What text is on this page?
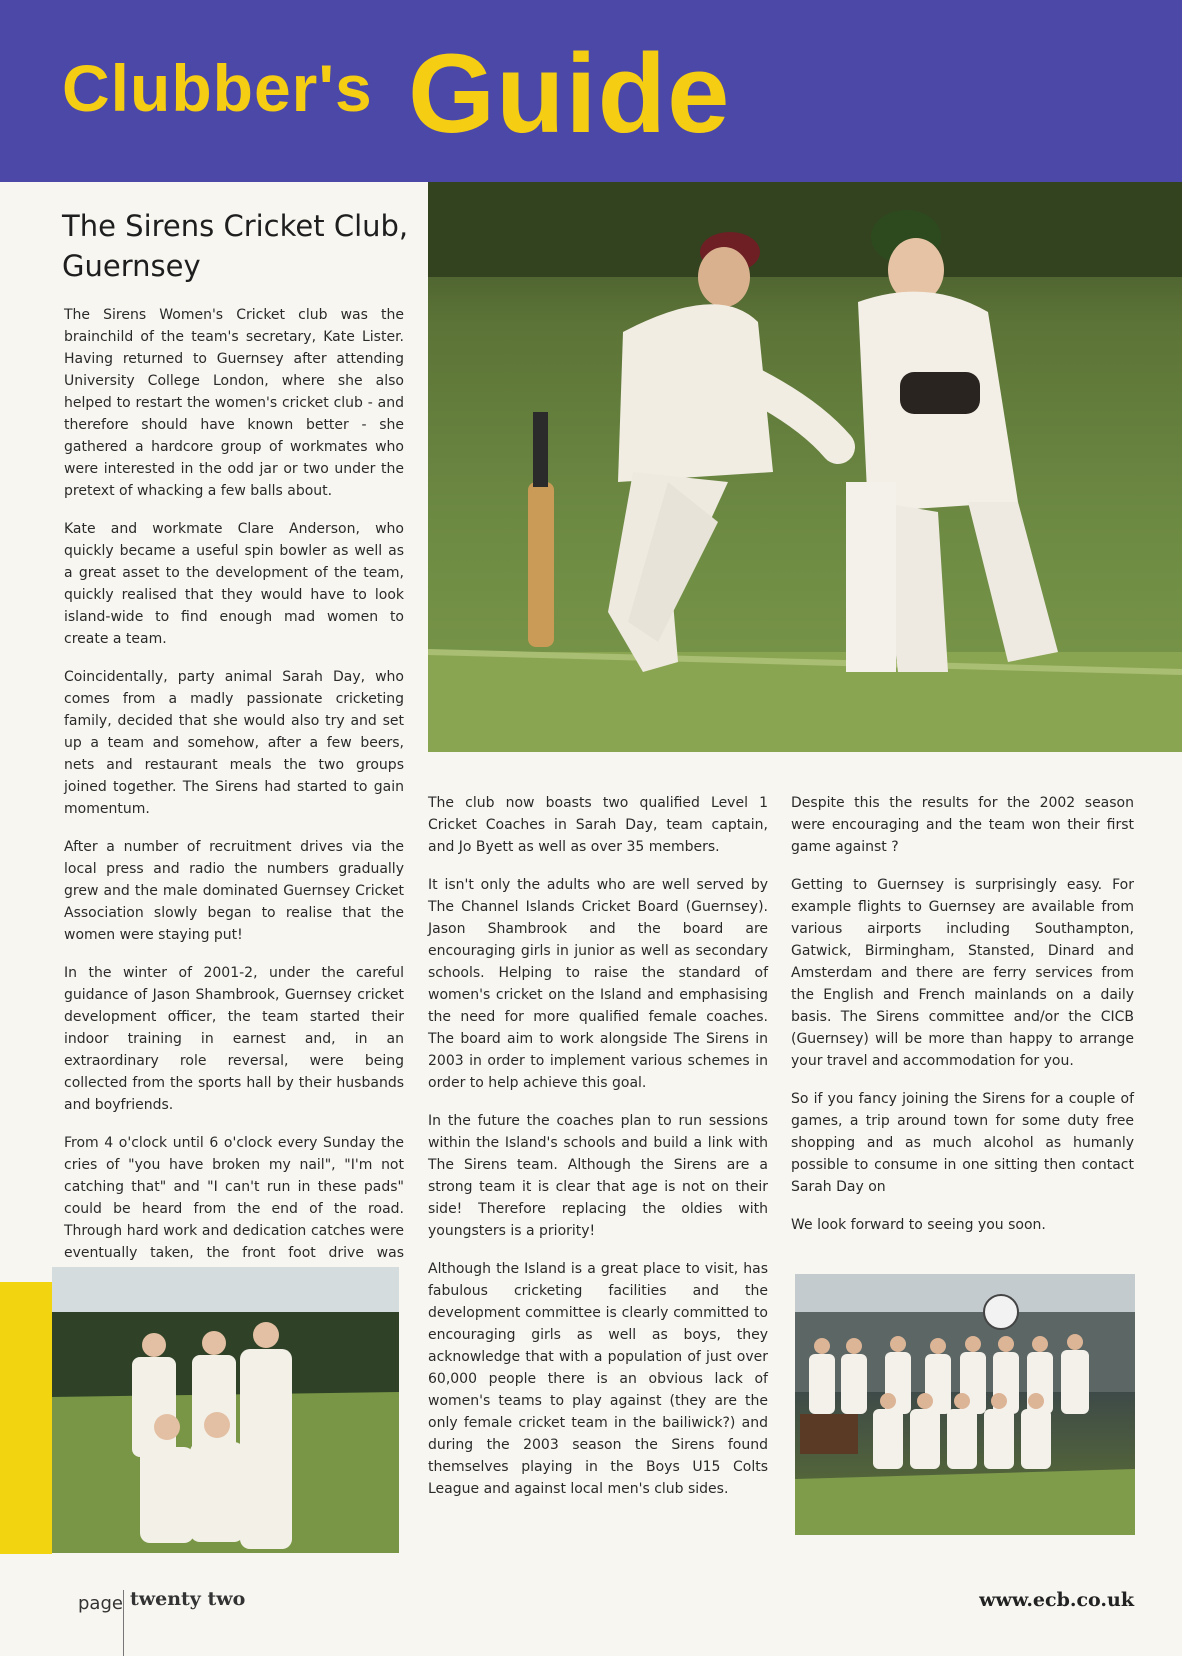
Clubber's Guide
The Sirens Cricket Club, Guernsey

The Sirens Women's Cricket club was the brainchild of the team's secretary, Kate Lister. Having returned to Guernsey after attending University College London, where she also helped to restart the women's cricket club - and therefore should have known better - she gathered a hardcore group of workmates who were interested in the odd jar or two under the pretext of whacking a few balls about.

Kate and workmate Clare Anderson, who quickly became a useful spin bowler as well as a great asset to the development of the team, quickly realised that they would have to look island-wide to find enough mad women to create a team.

Coincidentally, party animal Sarah Day, who comes from a madly passionate cricketing family, decided that she would also try and set up a team and somehow, after a few beers, nets and restaurant meals the two groups joined together. The Sirens had started to gain momentum.

After a number of recruitment drives via the local press and radio the numbers gradually grew and the male dominated Guernsey Cricket Association slowly began to realise that the women were staying put!

In the winter of 2001-2, under the careful guidance of Jason Shambrook, Guernsey cricket development officer, the team started their indoor training in earnest and, in an extraordinary role reversal, were being collected from the sports hall by their husbands and boyfriends.

From 4 o'clock until 6 o'clock every Sunday the cries of "you have broken my nail", "I'm not catching that" and "I can't run in these pads" could be heard from the end of the road. Through hard work and dedication catches were eventually taken, the front foot drive was

The club now boasts two qualified Level 1 Cricket Coaches in Sarah Day, team captain, and Jo Byett as well as over 35 members.

It isn't only the adults who are well served by The Channel Islands Cricket Board (Guernsey). Jason Shambrook and the board are encouraging girls in junior as well as secondary schools. Helping to raise the standard of women's cricket on the Island and emphasising the need for more qualified female coaches. The board aim to work alongside The Sirens in 2003 in order to implement various schemes in order to help achieve this goal.

In the future the coaches plan to run sessions within the Island's schools and build a link with The Sirens team. Although the Sirens are a strong team it is clear that age is not on their side! Therefore replacing the oldies with youngsters is a priority!

Although the Island is a great place to visit, has fabulous cricketing facilities and the development committee is clearly committed to encouraging girls as well as boys, they acknowledge that with a population of just over 60,000 people there is an obvious lack of women's teams to play against (they are the only female cricket team in the bailiwick?) and during the 2003 season the Sirens found themselves playing in the Boys U15 Colts League and against local men's club sides.

Despite this the results for the 2002 season were encouraging and the team won their first game against ?

Getting to Guernsey is surprisingly easy. For example flights to Guernsey are available from various airports including Southampton, Gatwick, Birmingham, Stansted, Dinard and Amsterdam and there are ferry services from the English and French mainlands on a daily basis. The Sirens committee and/or the CICB (Guernsey) will be more than happy to arrange your travel and accommodation for you.

So if you fancy joining the Sirens for a couple of games, a trip around town for some duty free shopping and as much alcohol as humanly possible to consume in one sitting then contact Sarah Day on

We look forward to seeing you soon.

page twenty two	www.ecb.co.uk
